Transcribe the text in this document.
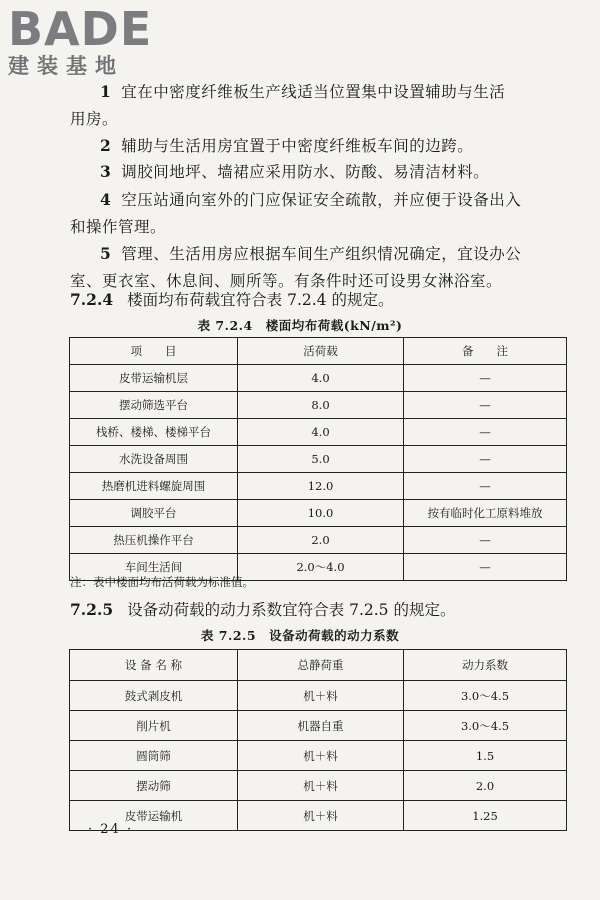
BADE
建装基地
1 宜在中密度纤维板生产线适当位置集中设置辅助与生活
用房。
2 辅助与生活用房宜置于中密度纤维板车间的边跨。
3 调胶间地坪、墙裙应采用防水、防酸、易清洁材料。
4 空压站通向室外的门应保证安全疏散，并应便于设备出入
和操作管理。
5 管理、生活用房应根据车间生产组织情况确定，宜设办公
室、更衣室、休息间、厕所等。有条件时还可设男女淋浴室。
7.2.4 楼面均布荷载宜符合表 7.2.4 的规定。
表 7.2.4　楼面均布荷载(kN/m²)
项　　目	活荷载	备　　注
皮带运输机层	4.0	—
摆动筛选平台	8.0	—
栈桥、楼梯、楼梯平台	4.0	—
水洗设备周围	5.0	—
热磨机进料螺旋周围	12.0	—
调胶平台	10.0	按有临时化工原料堆放
热压机操作平台	2.0	—
车间生活间	2.0～4.0	—
注：表中楼面均布活荷载为标准值。
7.2.5 设备动荷载的动力系数宜符合表 7.2.5 的规定。
表 7.2.5　设备动荷载的动力系数
设 备 名 称	总静荷重	动力系数
鼓式剥皮机	机＋料	3.0～4.5
削片机	机器自重	3.0～4.5
圆筒筛	机＋料	1.5
摆动筛	机＋料	2.0
皮带运输机	机＋料	1.25
· 24 ·
